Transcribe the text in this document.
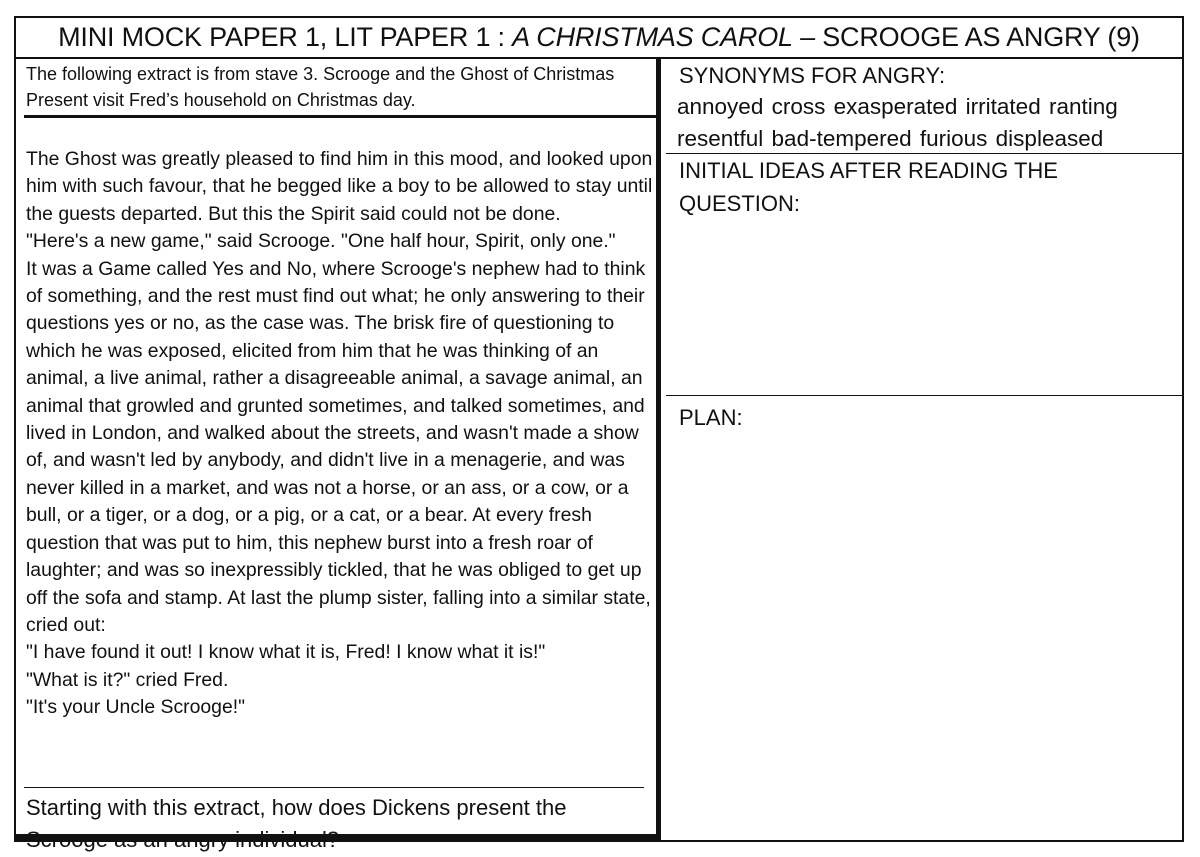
MINI MOCK PAPER 1, LIT PAPER 1 : A CHRISTMAS CAROL – SCROOGE AS ANGRY (9)
The following extract is from stave 3. Scrooge and the Ghost of Christmas Present visit Fred’s household on Christmas day.

The Ghost was greatly pleased to find him in this mood, and looked upon him with such favour, that he begged like a boy to be allowed to stay until the guests departed. But this the Spirit said could not be done.

"Here's a new game," said Scrooge. "One half hour, Spirit, only one."

It was a Game called Yes and No, where Scrooge's nephew had to think of something, and the rest must find out what; he only answering to their questions yes or no, as the case was. The brisk fire of questioning to which he was exposed, elicited from him that he was thinking of an animal, a live animal, rather a disagreeable animal, a savage animal, an animal that growled and grunted sometimes, and talked sometimes, and lived in London, and walked about the streets, and wasn't made a show of, and wasn't led by anybody, and didn't live in a menagerie, and was never killed in a market, and was not a horse, or an ass, or a cow, or a bull, or a tiger, or a dog, or a pig, or a cat, or a bear. At every fresh question that was put to him, this nephew burst into a fresh roar of laughter; and was so inexpressibly tickled, that he was obliged to get up off the sofa and stamp. At last the plump sister, falling into a similar state, cried out:

"I have found it out! I know what it is, Fred! I know what it is!"

"What is it?" cried Fred.

"It's your Uncle Scrooge!"

Starting with this extract, how does Dickens present the
SYNONYMS FOR ANGRY:
annoyed cross exasperated irritated ranting resentful bad-tempered furious displeased
INITIAL IDEAS AFTER READING THE QUESTION:
PLAN:
